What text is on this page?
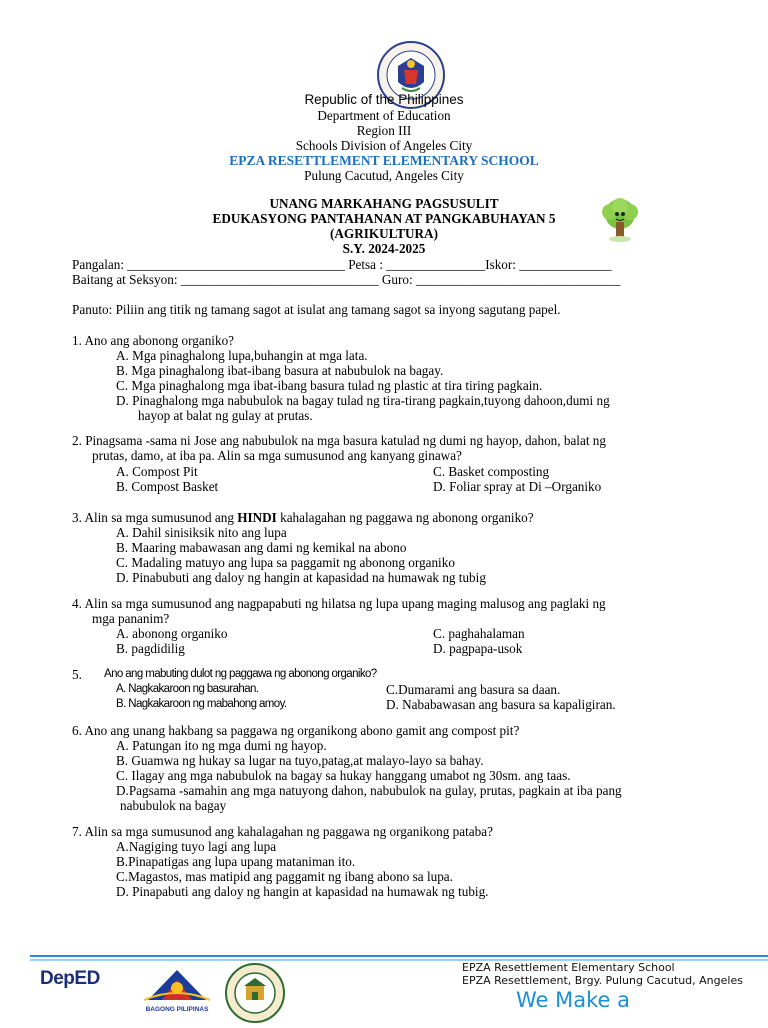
Republic of the Philippines
Department of Education
Region III
Schools Division of Angeles City
EPZA RESETTLEMENT ELEMENTARY SCHOOL
Pulung Cacutud, Angeles City
UNANG MARKAHANG PAGSUSULIT
EDUKASYONG PANTAHANAN AT PANGKABUHAYAN 5
(AGRIKULTURA)
S.Y. 2024-2025
Pangalan: _________________________________ Petsa : _______________Iskor: ______________
Baitang at Seksyon: ______________________________ Guro: _______________________________
Panuto: Piliin ang titik ng tamang sagot at isulat ang tamang sagot sa inyong sagutang papel.
1. Ano ang abonong organiko?
A. Mga pinaghalong lupa,buhangin at mga lata.
B. Mga pinaghalong ibat-ibang basura at nabubulok na bagay.
C. Mga pinaghalong mga ibat-ibang basura tulad ng plastic at tira tiring pagkain.
D. Pinaghalong mga nabubulok na bagay tulad ng tira-tirang pagkain,tuyong dahoon,dumi ng
hayop at balat ng gulay at prutas.
2. Pinagsama -sama ni Jose ang nabubulok na mga basura katulad ng dumi ng hayop, dahon, balat ng
prutas, damo, at iba pa. Alin sa mga sumusunod ang kanyang ginawa?
A. Compost Pit	C. Basket composting
B. Compost Basket	D. Foliar spray at Di –Organiko
3. Alin sa mga sumusunod ang HINDI kahalagahan ng paggawa ng abonong organiko?
A. Dahil sinisiksik nito ang lupa
B. Maaring mabawasan ang dami ng kemikal na abono
C. Madaling matuyo ang lupa sa paggamit ng abonong organiko
D. Pinabubuti ang daloy ng hangin at kapasidad na humawak ng tubig
4. Alin sa mga sumusunod ang nagpapabuti ng hilatsa ng lupa upang maging malusog ang paglaki ng
mga pananim?
A. abonong organiko	C. paghahalaman
B. pagdidilig	D. pagpapa-usok
5. Ano ang mabuting dulot ng paggawa ng abonong organiko?
A. Nagkakaroon ng basurahan.	C.Dumarami ang basura sa daan.
B. Nagkakaroon ng mabahong amoy.	D. Nababawasan ang basura sa kapaligiran.
6. Ano ang unang hakbang sa paggawa ng organikong abono gamit ang compost pit?
A. Patungan ito ng mga dumi ng hayop.
B. Guamwa ng hukay sa lugar na tuyo,patag,at malayo-layo sa bahay.
C. Ilagay ang mga nabubulok na bagay sa hukay hanggang umabot ng 30sm. ang taas.
D.Pagsama -samahin ang mga natuyong dahon, nabubulok na gulay, prutas, pagkain at iba pang
nabubulok na bagay
7. Alin sa mga sumusunod ang kahalagahan ng paggawa ng organikong pataba?
A.Nagiging tuyo lagi ang lupa
B.Pinapatigas ang lupa upang mataniman ito.
C.Magastos, mas matipid ang paggamit ng ibang abono sa lupa.
D. Pinapabuti ang daloy ng hangin at kapasidad na humawak ng tubig.
DepED
BAGONG PILIPINAS
EPZA Resettlement Elementary School
EPZA Resettlement, Brgy. Pulung Cacutud, Angeles
We Make a
